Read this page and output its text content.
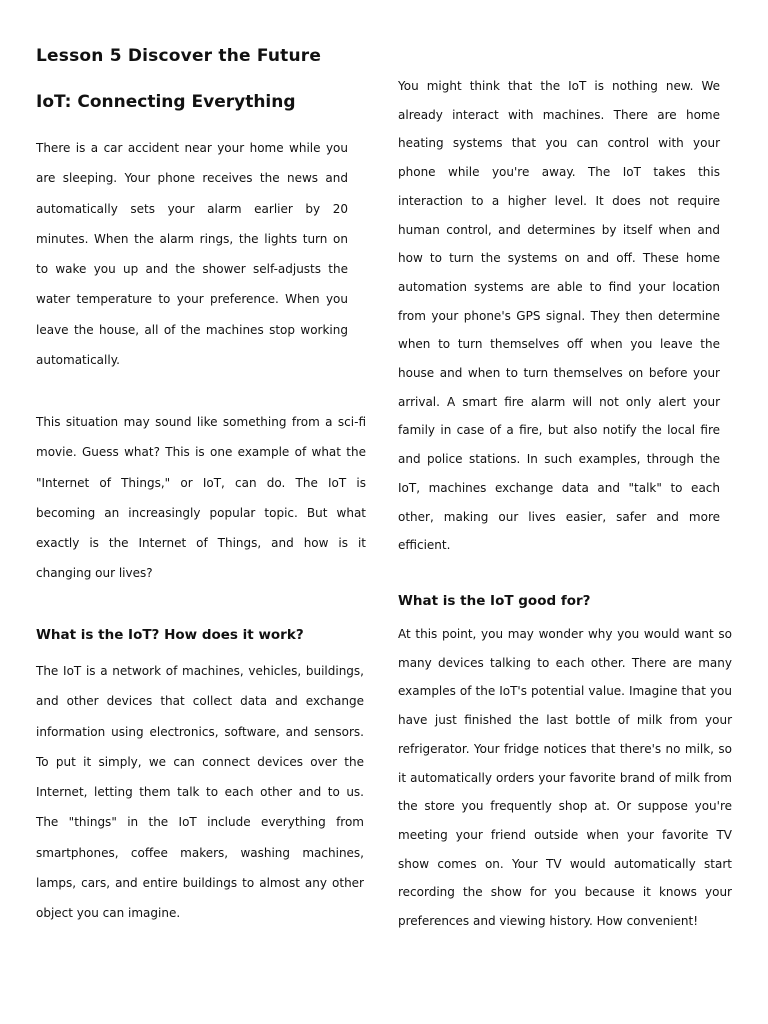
Lesson 5 Discover the Future
IoT: Connecting Everything

There is a car accident near your home while you are sleeping. Your phone receives the news and automatically sets your alarm earlier by 20 minutes. When the alarm rings, the lights turn on to wake you up and the shower self-adjusts the water temperature to your preference. When you leave the house, all of the machines stop working automatically.

This situation may sound like something from a sci-fi movie. Guess what? This is one example of what the "Internet of Things," or IoT, can do. The IoT is becoming an increasingly popular topic. But what exactly is the Internet of Things, and how is it changing our lives?

What is the IoT? How does it work?

The IoT is a network of machines, vehicles, buildings, and other devices that collect data and exchange information using electronics, software, and sensors. To put it simply, we can connect devices over the Internet, letting them talk to each other and to us. The "things" in the IoT include everything from smartphones, coffee makers, washing machines, lamps, cars, and entire buildings to almost any other object you can imagine.

You might think that the IoT is nothing new. We already interact with machines. There are home heating systems that you can control with your phone while you're away. The IoT takes this interaction to a higher level. It does not require human control, and determines by itself when and how to turn the systems on and off. These home automation systems are able to find your location from your phone's GPS signal. They then determine when to turn themselves off when you leave the house and when to turn themselves on before your arrival. A smart fire alarm will not only alert your family in case of a fire, but also notify the local fire and police stations. In such examples, through the IoT, machines exchange data and "talk" to each other, making our lives easier, safer and more efficient.

What is the IoT good for?

At this point, you may wonder why you would want so many devices talking to each other. There are many examples of the IoT's potential value. Imagine that you have just finished the last bottle of milk from your refrigerator. Your fridge notices that there's no milk, so it automatically orders your favorite brand of milk from the store you frequently shop at. Or suppose you're meeting your friend outside when your favorite TV show comes on. Your TV would automatically start recording the show for you because it knows your preferences and viewing history. How convenient!
